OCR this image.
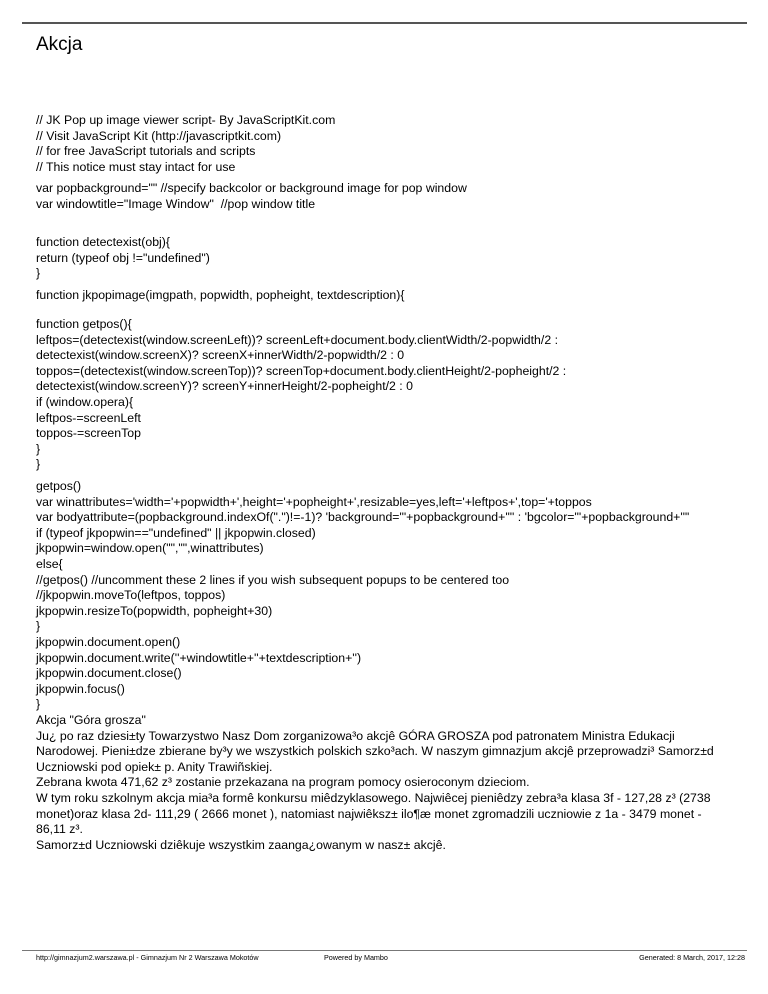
Akcja
// JK Pop up image viewer script- By JavaScriptKit.com
// Visit JavaScript Kit (http://javascriptkit.com)
// for free JavaScript tutorials and scripts
// This notice must stay intact for use
var popbackground="" //specify backcolor or background image for pop window
var windowtitle="Image Window"  //pop window title
function detectexist(obj){
return (typeof obj !="undefined")
}
function jkpopimage(imgpath, popwidth, popheight, textdescription){
function getpos(){
leftpos=(detectexist(window.screenLeft))? screenLeft+document.body.clientWidth/2-popwidth/2 :
detectexist(window.screenX)? screenX+innerWidth/2-popwidth/2 : 0
toppos=(detectexist(window.screenTop))? screenTop+document.body.clientHeight/2-popheight/2 :
detectexist(window.screenY)? screenY+innerHeight/2-popheight/2 : 0
if (window.opera){
leftpos-=screenLeft
toppos-=screenTop
}
}
getpos()
var winattributes='width='+popwidth+',height='+popheight+',resizable=yes,left='+leftpos+',top='+toppos
var bodyattribute=(popbackground.indexOf(".")!=-1)? 'background="'+popbackground+'"' : 'bgcolor="'+popbackground+'"'
if (typeof jkpopwin=="undefined" || jkpopwin.closed)
jkpopwin=window.open("","",winattributes)
else{
//getpos() //uncomment these 2 lines if you wish subsequent popups to be centered too
//jkpopwin.moveTo(leftpos, toppos)
jkpopwin.resizeTo(popwidth, popheight+30)
}
jkpopwin.document.open()
jkpopwin.document.write(''+windowtitle+''+textdescription+'')
jkpopwin.document.close()
jkpopwin.focus()
}
Akcja "Góra grosza"
Ju¿ po raz dziesi±ty Towarzystwo Nasz Dom zorganizowa³o akcjê GÓRA GROSZA pod patronatem Ministra Edukacji Narodowej. Pieni±dze zbierane by³y we wszystkich polskich szko³ach. W naszym gimnazjum akcjê przeprowadzi³ Samorz±d Uczniowski pod opiek± p. Anity Trawiñskiej.
Zebrana kwota 471,62 z³ zostanie przekazana na program pomocy osieroconym dzieciom.
W tym roku szkolnym akcja mia³a formê konkursu miêdzyklasowego. Najwiêcej pieniêdzy zebra³a klasa 3f - 127,28 z³ (2738 monet)oraz klasa 2d- 111,29 ( 2666 monet ), natomiast najwiêksz± ilo¶æ monet zgromadzili uczniowie z 1a - 3479 monet - 86,11 z³.
Samorz±d Uczniowski dziêkuje wszystkim zaanga¿owanym w nasz± akcjê.
http://gimnazjum2.warszawa.pl - Gimnazjum Nr 2 Warszawa Mokotów	Powered by Mambo	Generated: 8 March, 2017, 12:28
